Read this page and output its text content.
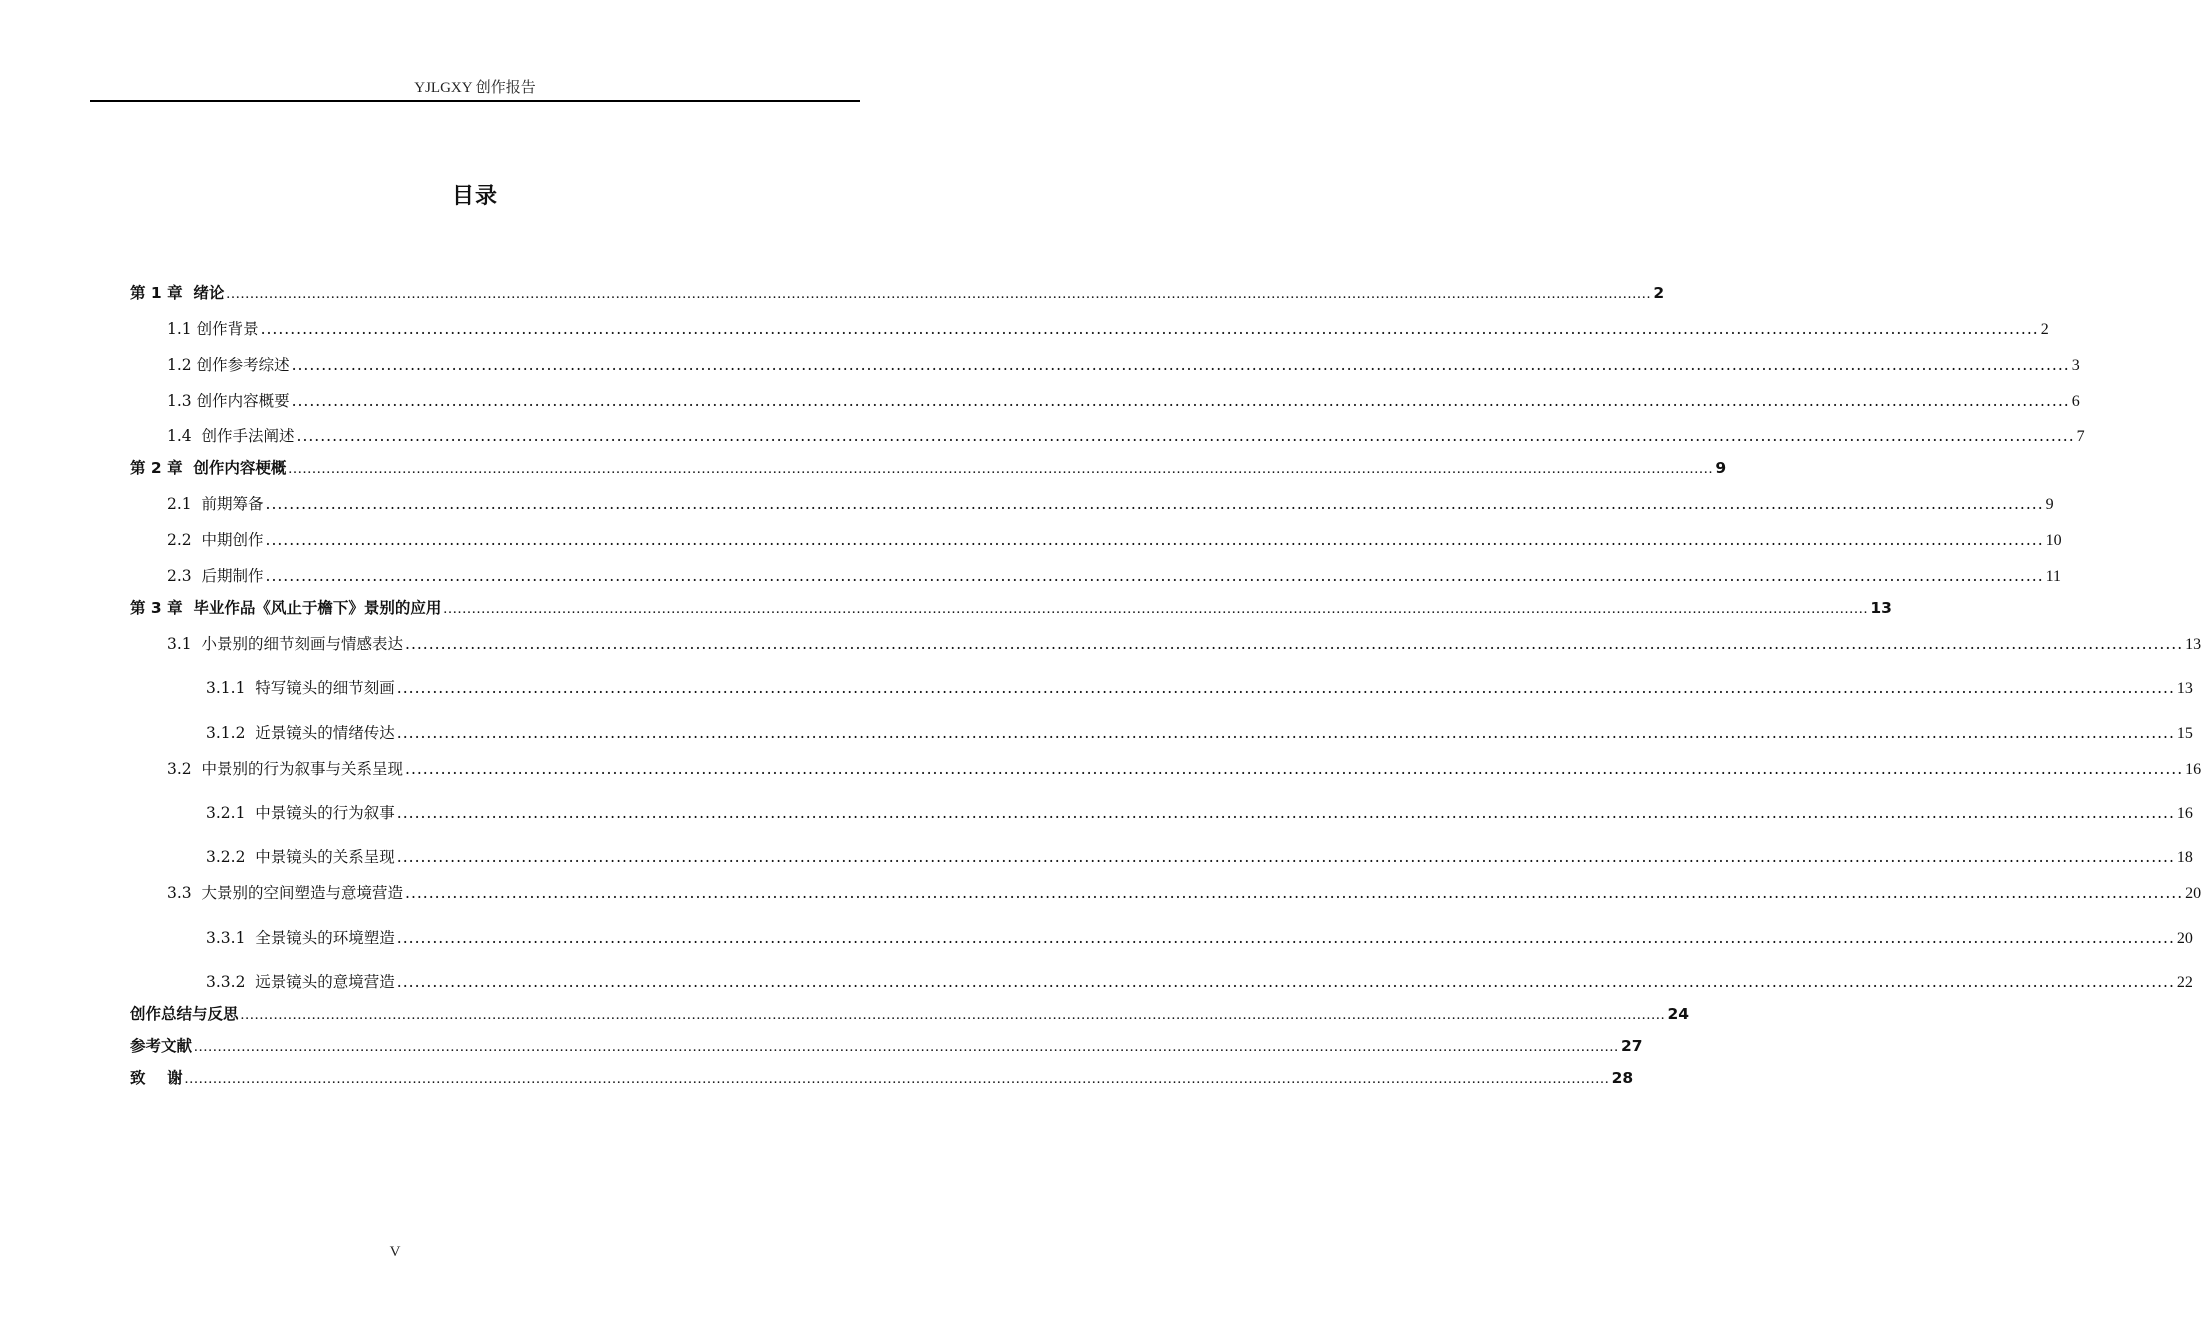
YJLGXY 创作报告
目录
第 1 章  绪论 ............................................................................................................................................................................................................................................................................................................ 2
1.1 创作背景 ............................................................................................................................................................................................................................................................................................................ 2
1.2 创作参考综述 ............................................................................................................................................................................................................................................................................................................ 3
1.3 创作内容概要 ............................................................................................................................................................................................................................................................................................................ 6
1.4  创作手法阐述 ............................................................................................................................................................................................................................................................................................................ 7
第 2 章  创作内容梗概 ............................................................................................................................................................................................................................................................................................................ 9
2.1  前期筹备 ............................................................................................................................................................................................................................................................................................................ 9
2.2  中期创作 ............................................................................................................................................................................................................................................................................................................ 10
2.3  后期制作 ............................................................................................................................................................................................................................................................................................................ 11
第 3 章  毕业作品《风止于檐下》景别的应用 ............................................................................................................................................................................................................................................................................................................ 13
3.1  小景别的细节刻画与情感表达 ............................................................................................................................................................................................................................................................................................................ 13
3.1.1  特写镜头的细节刻画 ............................................................................................................................................................................................................................................................................................................ 13
3.1.2  近景镜头的情绪传达 ............................................................................................................................................................................................................................................................................................................ 15
3.2  中景别的行为叙事与关系呈现 ............................................................................................................................................................................................................................................................................................................ 16
3.2.1  中景镜头的行为叙事 ............................................................................................................................................................................................................................................................................................................ 16
3.2.2  中景镜头的关系呈现 ............................................................................................................................................................................................................................................................................................................ 18
3.3  大景别的空间塑造与意境营造 ............................................................................................................................................................................................................................................................................................................ 20
3.3.1  全景镜头的环境塑造 ............................................................................................................................................................................................................................................................................................................ 20
3.3.2  远景镜头的意境营造 ............................................................................................................................................................................................................................................................................................................ 22
创作总结与反思 ............................................................................................................................................................................................................................................................................................................ 24
参考文献 ............................................................................................................................................................................................................................................................................................................ 27
致    谢 ............................................................................................................................................................................................................................................................................................................ 28
V
